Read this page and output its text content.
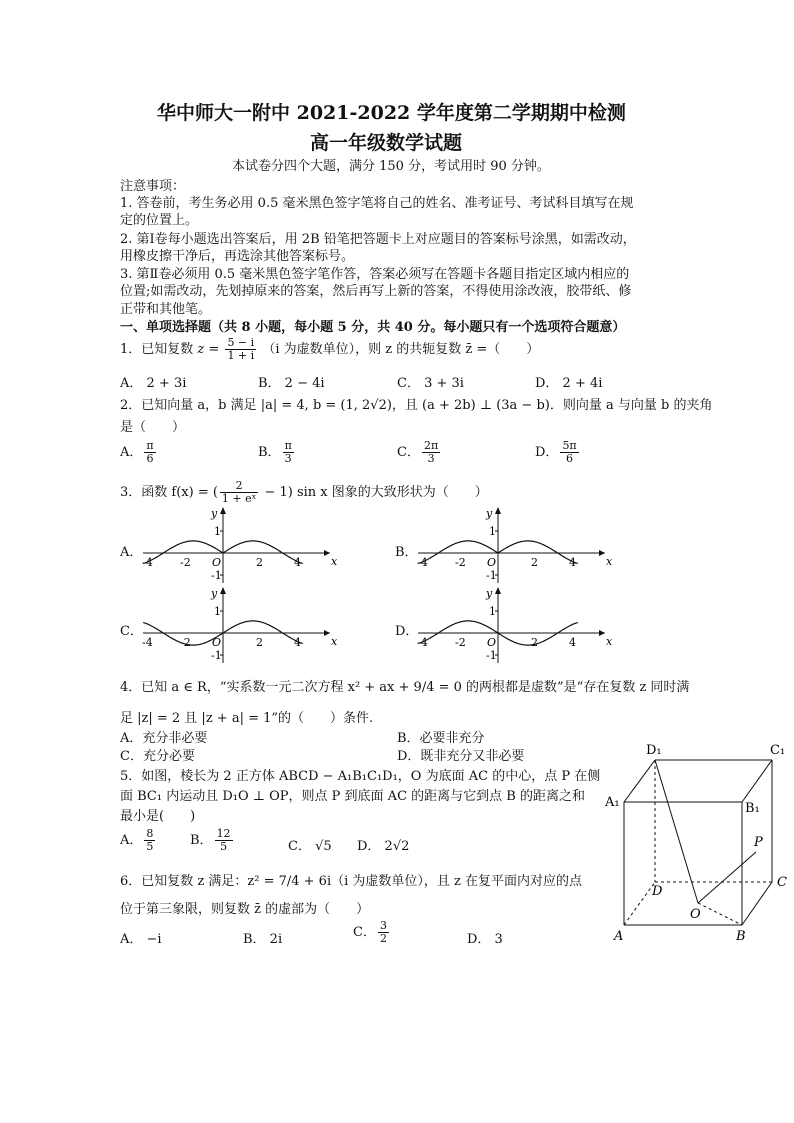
华中师大一附中 2021-2022 学年度第二学期期中检测
高一年级数学试题
本试卷分四个大题，满分 150 分，考试用时 90 分钟。
注意事项：
1. 答卷前，考生务必用 0.5 毫米黑色签字笔将自己的姓名、准考证号、考试科目填写在规
定的位置上。
2. 第Ⅰ卷每小题选出答案后，用 2B 铅笔把答题卡上对应题目的答案标号涂黑，如需改动，
用橡皮擦干净后，再选涂其他答案标号。
3. 第Ⅱ卷必须用 0.5 毫米黑色签字笔作答，答案必须写在答题卡各题目指定区域内相应的
位置;如需改动，先划掉原来的答案，然后再写上新的答案，不得使用涂改液，胶带纸、修
正带和其他笔。
一、单项选择题（共 8 小题，每小题 5 分，共 40 分。每小题只有一个选项符合题意）
1．已知复数 $z = \frac{5 - i}{1 + i} (i$ 为虚数单位），则 z 的共轭复数 z̄ =（　　）
A． 2 + 3i	B． 2 − 4i	C． 3 + 3i	D． 2 + 4i
2．已知向量 a，b 满足 |a| = 4, b = (1, 2√2)，且 (a + 2b) ⊥ (3a − b)．则向量 a 与向量 b 的夹角
是（　　）
A． $\frac{\pi}{6}$	B． $\frac{\pi}{3}$	C． $\frac{2\pi}{3}$	D． $\frac{5\pi}{6}$
3．函数 f(x) = ( $\frac{2}{\text{1 + eˣ}} - 1$) sin x 图象的大致形状为（　　）
A．	B．
C．	D．
-4 -2	2	4
1
-1
O	x
y
-4 -2	2	4
1
-1
O	x
y
-4 -2	2	4
1
-1
O	x
y
-4 -2	2	4
1
-1
O	x
y
4．已知 a ∈ R，“实系数一元二次方程 x² + ax + 9/4 = 0 的两根都是虚数”是“存在复数 z 同时满
足 |z| = 2 且 |z + a| = 1”的（　　）条件.
A．充分非必要	B．必要非充分
C．充分必要	D．既非充分又非必要
5．如图，棱长为 2 正方体 ABCD − A₁B₁C₁D₁，O 为底面 AC 的中心，点 P 在侧
面 BC₁ 内运动且 D₁O ⊥ OP，则点 P 到底面 AC 的距离与它到点 B 的距离之和
最小是(　　)
A． $\frac{8}{5}$	B． $\frac{12}{5}$	C． √5 D． 2√2
D₁	C₁
A₁	B₁
P
D
C
O
A	B
6．已知复数 z 满足：z² = 7/4 + 6i（i 为虚数单位），且 z 在复平面内对应的点
位于第三象限，则复数 z̄ 的虚部为（　　）
A． −i	B． 2i	C． $\frac{3}{2}$	D． 3
